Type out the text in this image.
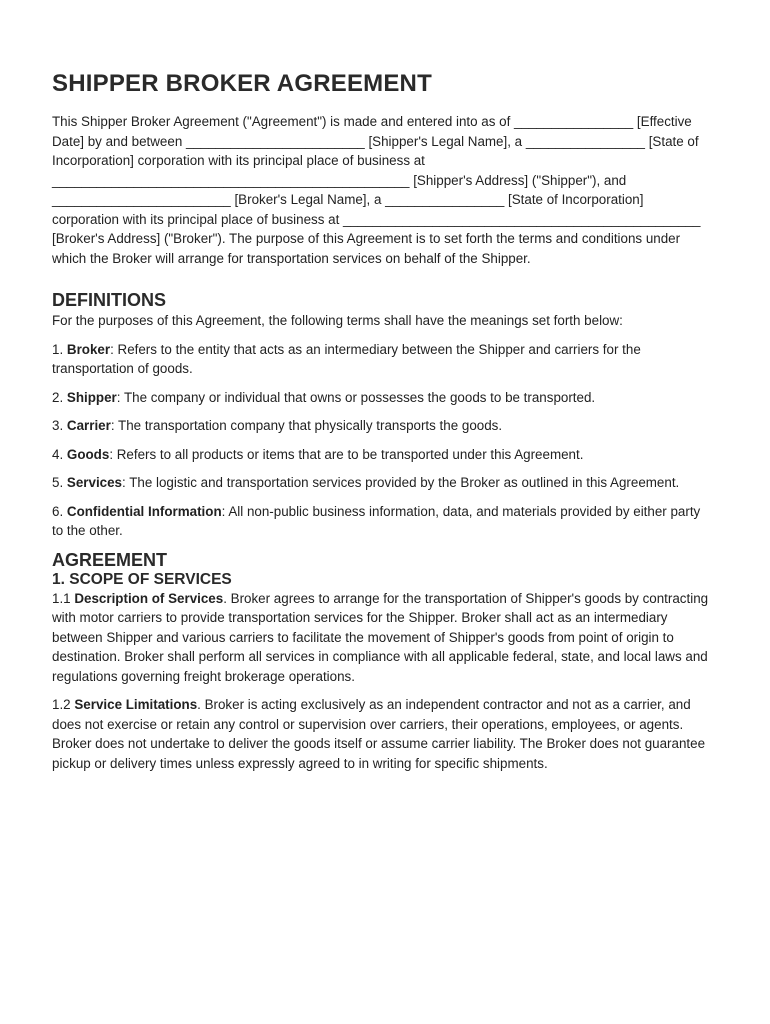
SHIPPER BROKER AGREEMENT

This Shipper Broker Agreement ("Agreement") is made and entered into as of ________________ [Effective Date] by and between ________________________ [Shipper's Legal Name], a ________________ [State of Incorporation] corporation with its principal place of business at ________________________________________________ [Shipper's Address] ("Shipper"), and ________________________ [Broker's Legal Name], a ________________ [State of Incorporation] corporation with its principal place of business at ________________________________________________ [Broker's Address] ("Broker"). The purpose of this Agreement is to set forth the terms and conditions under which the Broker will arrange for transportation services on behalf of the Shipper.

DEFINITIONS

For the purposes of this Agreement, the following terms shall have the meanings set forth below:

1. Broker: Refers to the entity that acts as an intermediary between the Shipper and carriers for the transportation of goods.

2. Shipper: The company or individual that owns or possesses the goods to be transported.

3. Carrier: The transportation company that physically transports the goods.

4. Goods: Refers to all products or items that are to be transported under this Agreement.

5. Services: The logistic and transportation services provided by the Broker as outlined in this Agreement.

6. Confidential Information: All non-public business information, data, and materials provided by either party to the other.

AGREEMENT
1. SCOPE OF SERVICES

1.1 Description of Services. Broker agrees to arrange for the transportation of Shipper's goods by contracting with motor carriers to provide transportation services for the Shipper. Broker shall act as an intermediary between Shipper and various carriers to facilitate the movement of Shipper's goods from point of origin to destination. Broker shall perform all services in compliance with all applicable federal, state, and local laws and regulations governing freight brokerage operations.

1.2 Service Limitations. Broker is acting exclusively as an independent contractor and not as a carrier, and does not exercise or retain any control or supervision over carriers, their operations, employees, or agents. Broker does not undertake to deliver the goods itself or assume carrier liability. The Broker does not guarantee pickup or delivery times unless expressly agreed to in writing for specific shipments.
